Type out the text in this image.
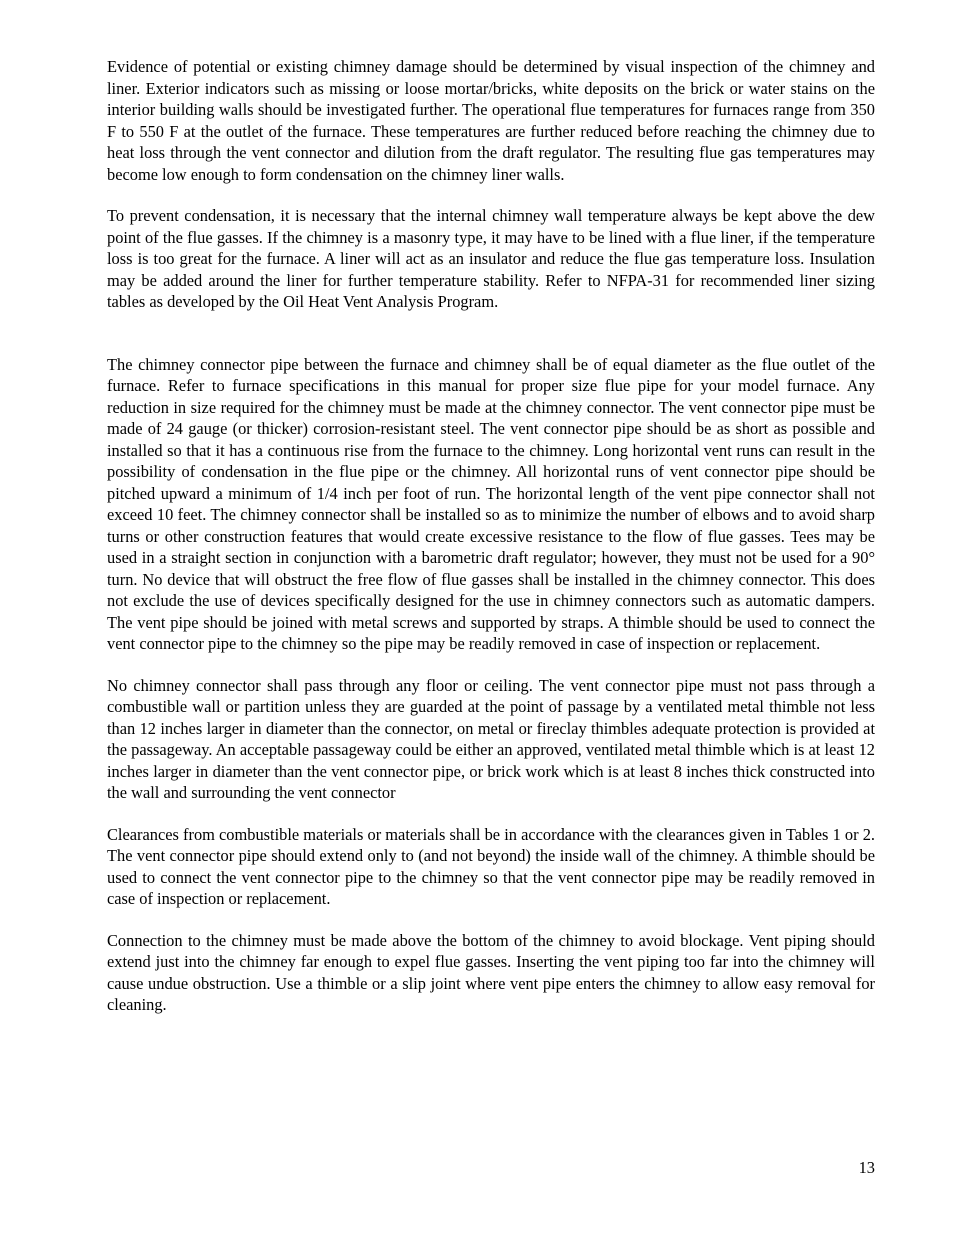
Evidence of potential or existing chimney damage should be determined by visual inspection of the chimney and liner. Exterior indicators such as missing or loose mortar/bricks, white deposits on the brick or water stains on the interior building walls should be investigated further. The operational flue temperatures for furnaces range from 350 F to 550 F at the outlet of the furnace. These temperatures are further reduced before reaching the chimney due to heat loss through the vent connector and dilution from the draft regulator. The resulting flue gas temperatures may become low enough to form condensation on the chimney liner walls.

To prevent condensation, it is necessary that the internal chimney wall temperature always be kept above the dew point of the flue gasses. If the chimney is a masonry type, it may have to be lined with a flue liner, if the temperature loss is too great for the furnace. A liner will act as an insulator and reduce the flue gas temperature loss. Insulation may be added around the liner for further temperature stability. Refer to NFPA-31 for recommended liner sizing tables as developed by the Oil Heat Vent Analysis Program.

The chimney connector pipe between the furnace and chimney shall be of equal diameter as the flue outlet of the furnace. Refer to furnace specifications in this manual for proper size flue pipe for your model furnace. Any reduction in size required for the chimney must be made at the chimney connector. The vent connector pipe must be made of 24 gauge (or thicker) corrosion-resistant steel. The vent connector pipe should be as short as possible and installed so that it has a continuous rise from the furnace to the chimney. Long horizontal vent runs can result in the possibility of condensation in the flue pipe or the chimney. All horizontal runs of vent connector pipe should be pitched upward a minimum of 1/4 inch per foot of run. The horizontal length of the vent pipe connector shall not exceed 10 feet. The chimney connector shall be installed so as to minimize the number of elbows and to avoid sharp turns or other construction features that would create excessive resistance to the flow of flue gasses. Tees may be used in a straight section in conjunction with a barometric draft regulator; however, they must not be used for a 90° turn. No device that will obstruct the free flow of flue gasses shall be installed in the chimney connector. This does not exclude the use of devices specifically designed for the use in chimney connectors such as automatic dampers. The vent pipe should be joined with metal screws and supported by straps. A thimble should be used to connect the vent connector pipe to the chimney so the pipe may be readily removed in case of inspection or replacement.

No chimney connector shall pass through any floor or ceiling. The vent connector pipe must not pass through a combustible wall or partition unless they are guarded at the point of passage by a ventilated metal thimble not less than 12 inches larger in diameter than the connector, on metal or fireclay thimbles adequate protection is provided at the passageway. An acceptable passageway could be either an approved, ventilated metal thimble which is at least 12 inches larger in diameter than the vent connector pipe, or brick work which is at least 8 inches thick constructed into the wall and surrounding the vent connector

Clearances from combustible materials or materials shall be in accordance with the clearances given in Tables 1 or 2. The vent connector pipe should extend only to (and not beyond) the inside wall of the chimney. A thimble should be used to connect the vent connector pipe to the chimney so that the vent connector pipe may be readily removed in case of inspection or replacement.

Connection to the chimney must be made above the bottom of the chimney to avoid blockage. Vent piping should extend just into the chimney far enough to expel flue gasses. Inserting the vent piping too far into the chimney will cause undue obstruction. Use a thimble or a slip joint where vent pipe enters the chimney to allow easy removal for cleaning.

13
